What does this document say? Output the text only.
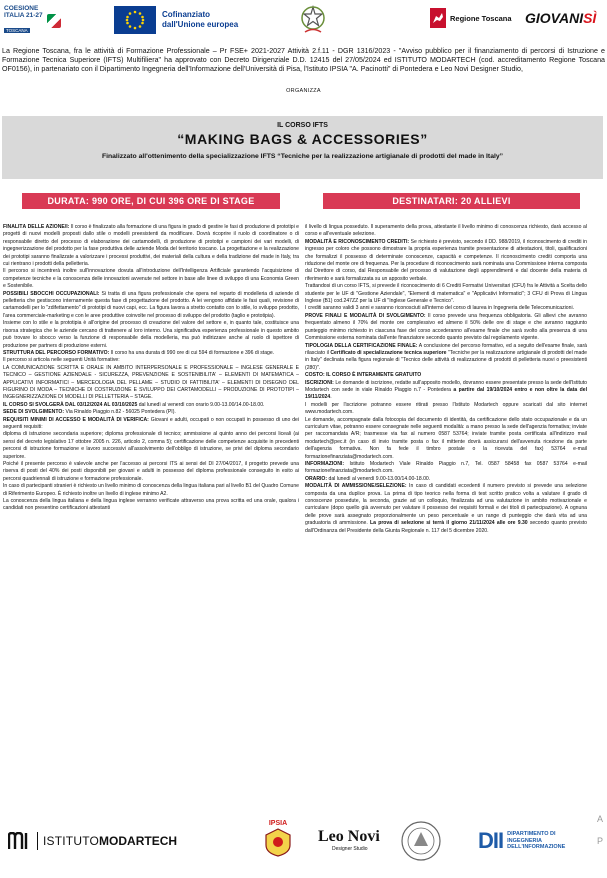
COESIONE
ITALIA 21-27
TOSCANA
Cofinanziato
dall'Unione europea
Regione Toscana GIOVANI SÌ
La Regione Toscana, fra le attività di Formazione Professionale – Pr FSE+ 2021-2027 Attività 2.f.11 - DGR 1316/2023 - "Avviso pubblico per il finanziamento di percorsi di Istruzione e Formazione Tecnica Superiore (IFTS) Multifiliera" ha approvato con Decreto Dirigenziale D.D. 12415 del 27/05/2024 ed ISTITUTO MODARTECH (cod. accreditamento Regione Toscana OF0156), in partenariato con il Dipartimento Ingegneria dell'Informazione dell'Università di Pisa, l'Istituto IPSIA "A. Pacinotti" di Pontedera e Leo Novi Designer Studio,
ORGANIZZA
IL CORSO IFTS
“MAKING BAGS & ACCESSORIES”
Finalizzato all'ottenimento della specializzazione IFTS “Tecniche per la realizzazione artigianale di prodotti del made in Italy”
DURATA: 990 ORE, DI CUI 396 ORE DI STAGE	DESTINATARI: 20 ALLIEVI

FINALITÀ DELLE AZIONE/I: Il corso è finalizzato alla formazione di una figura in grado di gestire le fasi di produzione di prototipi e progetti di nuovi modelli proposti dallo stile o modelli preesistenti da modificare. Dovrà ricoprire il ruolo di coordinatore o di responsabile diretto del processo di elaborazione dei cartamodelli, di produzione di prototipi e campioni dei vari modelli, di ingegnerizzazione del prodotto per la fase produttiva delle aziende Moda del territorio toscano. La progettazione e la realizzazione dei prototipi saranno finalizzate a valorizzare i processi produttivi, dei materiali della cultura e della tradizione del made in Italy, tra cui rientrano i prodotti della pelletteria.

Il percorso si incentrerà inoltre sull'innovazione dovuta all'introduzione dell'Intelligenza Artificiale garantendo l'acquisizione di competenze tecniche e la conoscenza delle innovazioni avvenute nel settore in base alle linee di sviluppo di una Economia Green e Sostenibile.

POSSIBILI SBOCCHI OCCUPAZIONALI: Si tratta di una figura professionale che opera nel reparto di modelleria di aziende di pelletteria che gestiscono internamente questa fase di progettazione del prodotto. A lei vengono affidate le fasi quali, revisione di cartamodelli per lo "zdifettamento" di prototipi di nuovi capi, ecc. La figura lavora a stretto contatto con lo stile, lo sviluppo prodotto, l'area commerciale-marketing e con le aree produttive coinvolte nel processo di sviluppo del prodotto (taglio e prototipia).

Insieme con lo stile e la prototipia è all'origine del processo di creazione del valore del settore e, in quanto tale, costituisce una risorsa strategica che le aziende cercano di trattenere al loro interno. Una significativa esperienza professionale in questo ambito può trovare lo sbocco verso la funzione di responsabile della modelleria, ma può indirizzare anche al ruolo di ispettore di produzione per partners di produzione esterni.

STRUTTURA DEL PERCORSO FORMATIVO: Il corso ha una durata di 990 ore di cui 594 di formazione e 396 di stage.

Il percorso si articola nelle seguenti Unità formative:

LA COMUNICAZIONE SCRITTA E ORALE IN AMBITO INTERPERSONALE E PROFESSIONALE – INGLESE GENERALE E TECNICO – GESTIONE AZIENDALE - SICUREZZA, PREVENZIONE E SOSTENIBILITA' – ELEMENTI DI MATEMATICA – APPLICATIVI INFORMATICI – MERCEOLOGIA DEL PELLAME – STUDIO DI FATTIBILITA' – ELEMENTI DI DISEGNO DEL FIGURINO DI MODA – TECNICHE DI COSTRUZIONE E SVILUPPO DEI CARTAMODELLI – PRODUZIONE DI PROTOTIPI – INGEGNERIZZAZIONE DI MODELLI DI PELLETTERIA – STAGE.

IL CORSO SI SVOLGERÀ DAL 03/12/2024 AL 03/10/2025 dal lunedì al venerdì con orario 9.00-13.00/14.00-18.00.

SEDE DI SVOLGIMENTO: Via Rinaldo Piaggio n.82 - 56025 Pontedera (PI).

REQUISITI MINIMI DI ACCESSO E MODALITÀ DI VERIFICA: Giovani e adulti, occupati o non occupati in possesso di uno dei seguenti requisiti:

diploma di istruzione secondaria superiore; diploma professionale di tecnico; ammissione al quinto anno dei percorsi liceali (ai sensi del decreto legislativo 17 ottobre 2005 n. 226, articolo 2, comma 5); certificazione delle competenze acquisite in precedenti percorsi di istruzione formazione e lavoro successivi all'assolvimento dell'obbligo di istruzione, se privi del diploma secondario superiore.

Poiché il presente percorso è valevole anche per l'accesso ai percorsi ITS ai sensi del DI 27/04/2017, il progetto prevede una riserva di posti del 40% dei posti disponibili per giovani e adulti in possesso del diploma professionale conseguito in esito ai percorsi quadriennali di istruzione e formazione professionale.

In caso di partecipanti stranieri è richiesto un livello minimo di conoscenza della lingua italiana pari al livello B1 del Quadro Comune di Riferimento Europeo. È richiesto inoltre un livello di inglese minimo A2.

La conoscenza della lingua italiana e della lingua inglese verranno verificate attraverso una prova scritta ed una orale, qualora i candidati non presentino certificazioni attestanti

il livello di lingua posseduto. Il superamento della prova, attestante il livello minimo di conoscenza richiesto, darà accesso al corso e all'eventuale selezione.

MODALITÀ E RICONOSCIMENTO CREDITI: Se richiesto è previsto, secondo il DD. 988/2019, il riconoscimento di crediti in ingresso per coloro che possono dimostrare la propria esperienza tramite presentazione di attestazioni, titoli, qualificazioni che formalizzi il possesso di determinate conoscenze, capacità e competenze. Il riconoscimento crediti comporta una riduzione del monte ore di frequenza. Per la procedure di riconoscimento sarà nominata una Commissione interna composta dal Direttore di corso, dal Responsabile del processo di valutazione degli apprendimenti e dal docente della materia di riferimento e sarà formalizzata su un apposito verbale.

Trattandosi di un corso IFTS, si prevede il riconoscimento di 6 Crediti Formativi Universitari (CFU) fra le Attività a Scelta dello studente per le UF di "Gestione Aziendale", "Elementi di matematica" e "Applicativi Informatici"; 3 CFU di Prova di Lingua Inglese (B1) cod.247ZZ per la UF di "Inglese Generale e Tecnico".

I crediti saranno validi 3 anni e saranno riconosciuti all'interno del corso di laurea in Ingegneria delle Telecomunicazioni.

PROVE FINALI E MODALITÀ DI SVOLGIMENTO: Il corso prevede una frequenza obbligatoria. Gli allievi che avranno frequentato almeno il 70% del monte ore complessivo ed almeno il 50% delle ore di stage e che avranno raggiunto punteggio minimo richiesto in ciascuna fase del corso accederanno all'esame finale che sarà svolto alla presenza di una Commissione esterna nominata dall'ente finanziatore secondo quanto previsto dal regolamento vigente.

TIPOLOGIA DELLA CERTIFICAZIONE FINALE: A conclusione del percorso formativo, ed a seguito dell'esame finale, sarà rilasciato il Certificato di specializzazione tecnica superiore "Tecniche per la realizzazione artigianale di prodotti del made in Italy" declinata nella figura regionale di "Tecnico delle attività di realizzazione di prodotti di pelletteria nuovi o preesistenti (280)".

COSTO: IL CORSO È INTERAMENTE GRATUITO

ISCRIZIONI: Le domande di iscrizione, redatte sull'apposito modello, dovranno essere presentate presso la sede dell'Istituto Modartech con sede in viale Rinaldo Piaggio n.7 - Pontedera a partire dal 19/10/2024 entro e non oltre la data del 19/11/2024.

I modelli per l'iscrizione potranno essere ritirati presso l'Istituto Modartech oppure scaricati dal sito internet www.modartech.com.

Le domande, accompagnate dalla fotocopia del documento di identità, da certificazione dello stato occupazionale e da un curriculum vitae, potranno essere consegnate nelle seguenti modalità: a mano presso la sede dell'agenzia formativa; inviate per raccomandata A/R; trasmesse via fax al numero 0587 53764; inviate tramite posta certificata all'indirizzo mail modartech@pec.it (in caso di invio tramite posta o fax il mittente dovrà assicurarsi dell'avvenuta ricezione da parte dell'agenzia formativa. Non fa fede il timbro postale o la ricevuta del fax) 53764 e-mail formazionefinanziata@modartech.com.

INFORMAZIONI: Istituto Modartech Viale Rinaldo Piaggio n.7, Tel. 0587 58458 fax 0587 53764 e-mail formazionefinanziata@modartech.com.

ORARIO: dal lunedì al venerdì 9.00-13.00/14.00-18.00.

MODALITÀ DI AMMISSIONE/SELEZIONE: In caso di candidati eccedenti il numero previsto si prevede una selezione composta da una duplice prova. La prima di tipo teorico nella forma di test scritto pratico volta a valutare il grado di conoscenze possedute, la seconda, grazie ad un colloquio, finalizzata ad una valutazione in ambito motivazionale e curriculare (dopo quello già avvenuto per valutare il possesso dei requisiti formali e dei titoli di partecipazione). A ognuna delle prove sarà assegnato proporzionalmente un peso percentuale e un range di punteggio che darà vita ad una graduatoria di ammissione. La prova di selezione si terrà il giorno 21/11/2024 alle ore 9.30 secondo quanto previsto dall'Ordinanza del Presidente della Giunta Regionale n. 117 del 5 dicembre 2020.

ISTITUTO MODARTECH
IPSIA
Leo Novi
Designer Studio	DII DIPARTIMENTO DI
INGEGNERIA
DELL'INFORMAZIONE
A
P
